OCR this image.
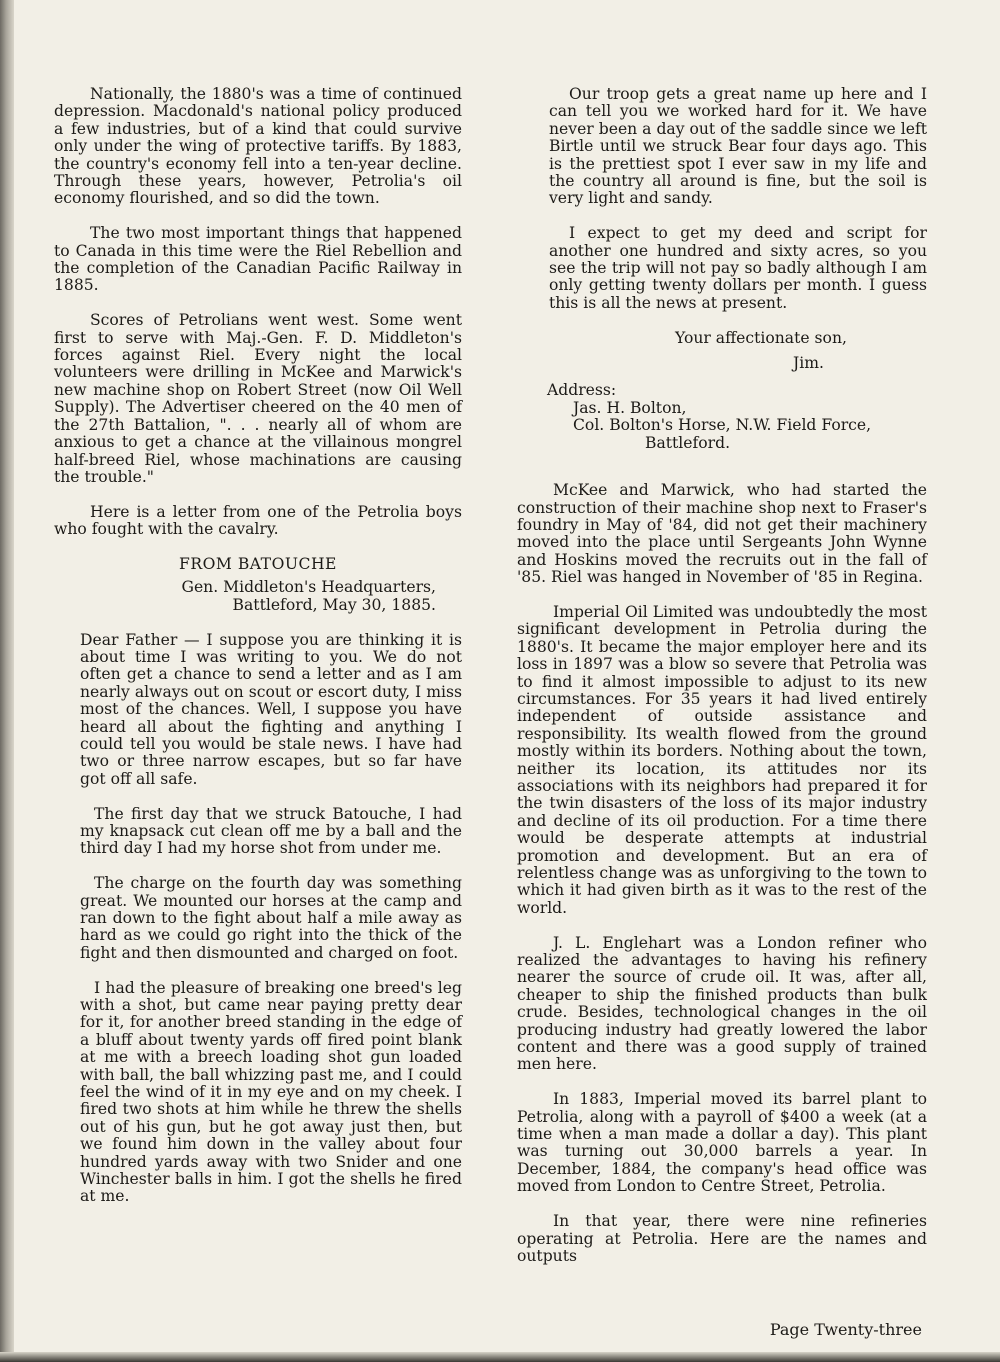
Nationally, the 1880's was a time of continued depression. Macdonald's national policy produced a few industries, but of a kind that could survive only under the wing of protective tariffs. By 1883, the country's economy fell into a ten-year decline. Through these years, however, Petrolia's oil economy flourished, and so did the town.

The two most important things that happened to Canada in this time were the Riel Rebellion and the completion of the Canadian Pacific Railway in 1885.

Scores of Petrolians went west. Some went first to serve with Maj.-Gen. F. D. Middleton's forces against Riel. Every night the local volunteers were drilling in McKee and Marwick's new machine shop on Robert Street (now Oil Well Supply). The Advertiser cheered on the 40 men of the 27th Battalion, ". . . nearly all of whom are anxious to get a chance at the villainous mongrel half-breed Riel, whose machinations are causing the trouble."

Here is a letter from one of the Petrolia boys who fought with the cavalry.

FROM BATOUCHE
Gen. Middleton's Headquarters,
Battleford, May 30, 1885.

Dear Father — I suppose you are thinking it is about time I was writing to you. We do not often get a chance to send a letter and as I am nearly always out on scout or escort duty, I miss most of the chances. Well, I suppose you have heard all about the fighting and anything I could tell you would be stale news. I have had two or three narrow escapes, but so far have got off all safe.

The first day that we struck Batouche, I had my knapsack cut clean off me by a ball and the third day I had my horse shot from under me.

The charge on the fourth day was something great. We mounted our horses at the camp and ran down to the fight about half a mile away as hard as we could go right into the thick of the fight and then dismounted and charged on foot.

I had the pleasure of breaking one breed's leg with a shot, but came near paying pretty dear for it, for another breed standing in the edge of a bluff about twenty yards off fired point blank at me with a breech loading shot gun loaded with ball, the ball whizzing past me, and I could feel the wind of it in my eye and on my cheek. I fired two shots at him while he threw the shells out of his gun, but he got away just then, but we found him down in the valley about four hundred yards away with two Snider and one Winchester balls in him. I got the shells he fired at me.

Our troop gets a great name up here and I can tell you we worked hard for it. We have never been a day out of the saddle since we left Birtle until we struck Bear four days ago. This is the prettiest spot I ever saw in my life and the country all around is fine, but the soil is very light and sandy.

I expect to get my deed and script for another one hundred and sixty acres, so you see the trip will not pay so badly although I am only getting twenty dollars per month. I guess this is all the news at present.

Your affectionate son,
Jim.
Address:
Jas. H. Bolton,
Col. Bolton's Horse, N.W. Field Force,
Battleford.

McKee and Marwick, who had started the construction of their machine shop next to Fraser's foundry in May of '84, did not get their machinery moved into the place until Sergeants John Wynne and Hoskins moved the recruits out in the fall of '85. Riel was hanged in November of '85 in Regina.

Imperial Oil Limited was undoubtedly the most significant development in Petrolia during the 1880's. It became the major employer here and its loss in 1897 was a blow so severe that Petrolia was to find it almost impossible to adjust to its new circumstances. For 35 years it had lived entirely independent of outside assistance and responsibility. Its wealth flowed from the ground mostly within its borders. Nothing about the town, neither its location, its attitudes nor its associations with its neighbors had prepared it for the twin disasters of the loss of its major industry and decline of its oil production. For a time there would be desperate attempts at industrial promotion and development. But an era of relentless change was as unforgiving to the town to which it had given birth as it was to the rest of the world.

J. L. Englehart was a London refiner who realized the advantages to having his refinery nearer the source of crude oil. It was, after all, cheaper to ship the finished products than bulk crude. Besides, technological changes in the oil producing industry had greatly lowered the labor content and there was a good supply of trained men here.

In 1883, Imperial moved its barrel plant to Petrolia, along with a payroll of $400 a week (at a time when a man made a dollar a day). This plant was turning out 30,000 barrels a year. In December, 1884, the company's head office was moved from London to Centre Street, Petrolia.

In that year, there were nine refineries operating at Petrolia. Here are the names and outputs

Page Twenty-three
